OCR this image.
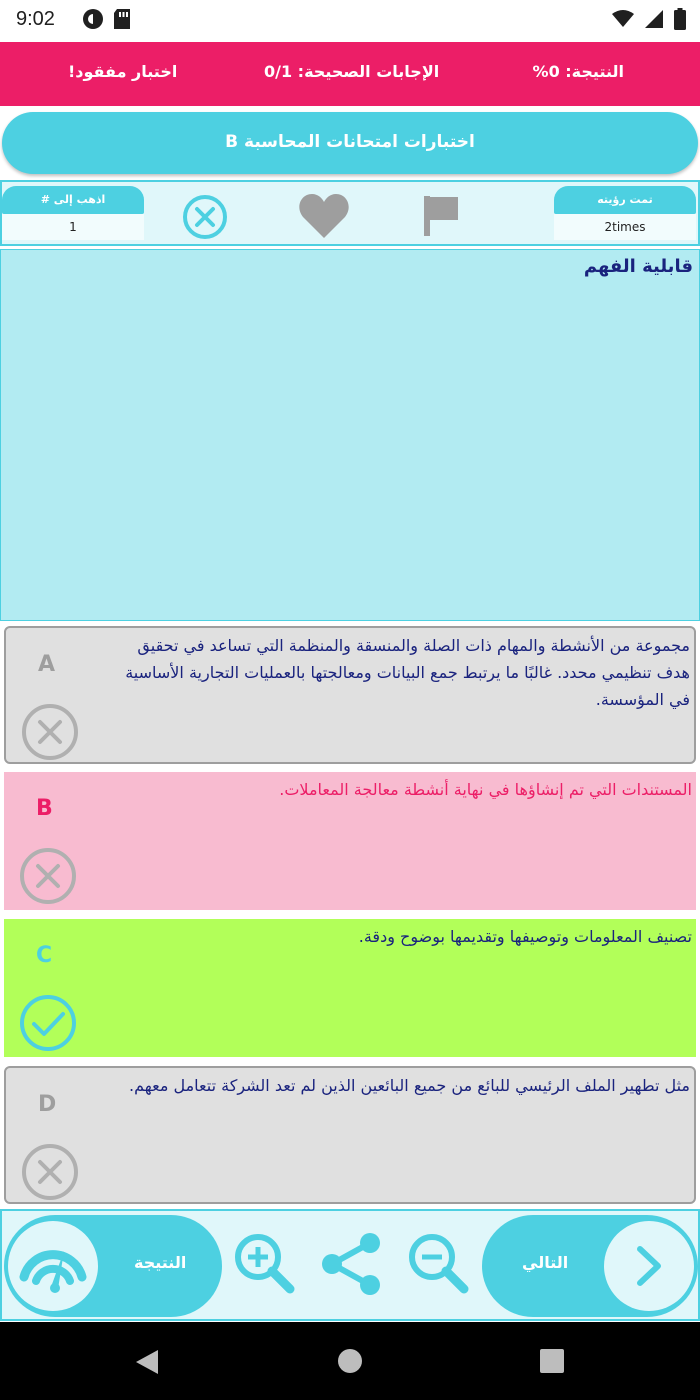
9:02
النتيجة: 0%
الإجابات الصحيحة: 0/1
اختبار مفقود!
اختبارات امتحانات المحاسبة B
اذهب إلى #
1
تمت رؤيته
2times
قابلية الفهم
A
مجموعة من الأنشطة والمهام ذات الصلة والمنسقة والمنظمة التي تساعد في تحقيق هدف تنظيمي محدد. غالبًا ما يرتبط جمع البيانات ومعالجتها بالعمليات التجارية الأساسية في المؤسسة.
B
المستندات التي تم إنشاؤها في نهاية أنشطة معالجة المعاملات.
C
تصنيف المعلومات وتوصيفها وتقديمها بوضوح ودقة.
D
مثل تطهير الملف الرئيسي للبائع من جميع البائعين الذين لم تعد الشركة تتعامل معهم.
النتيجة	التالي
